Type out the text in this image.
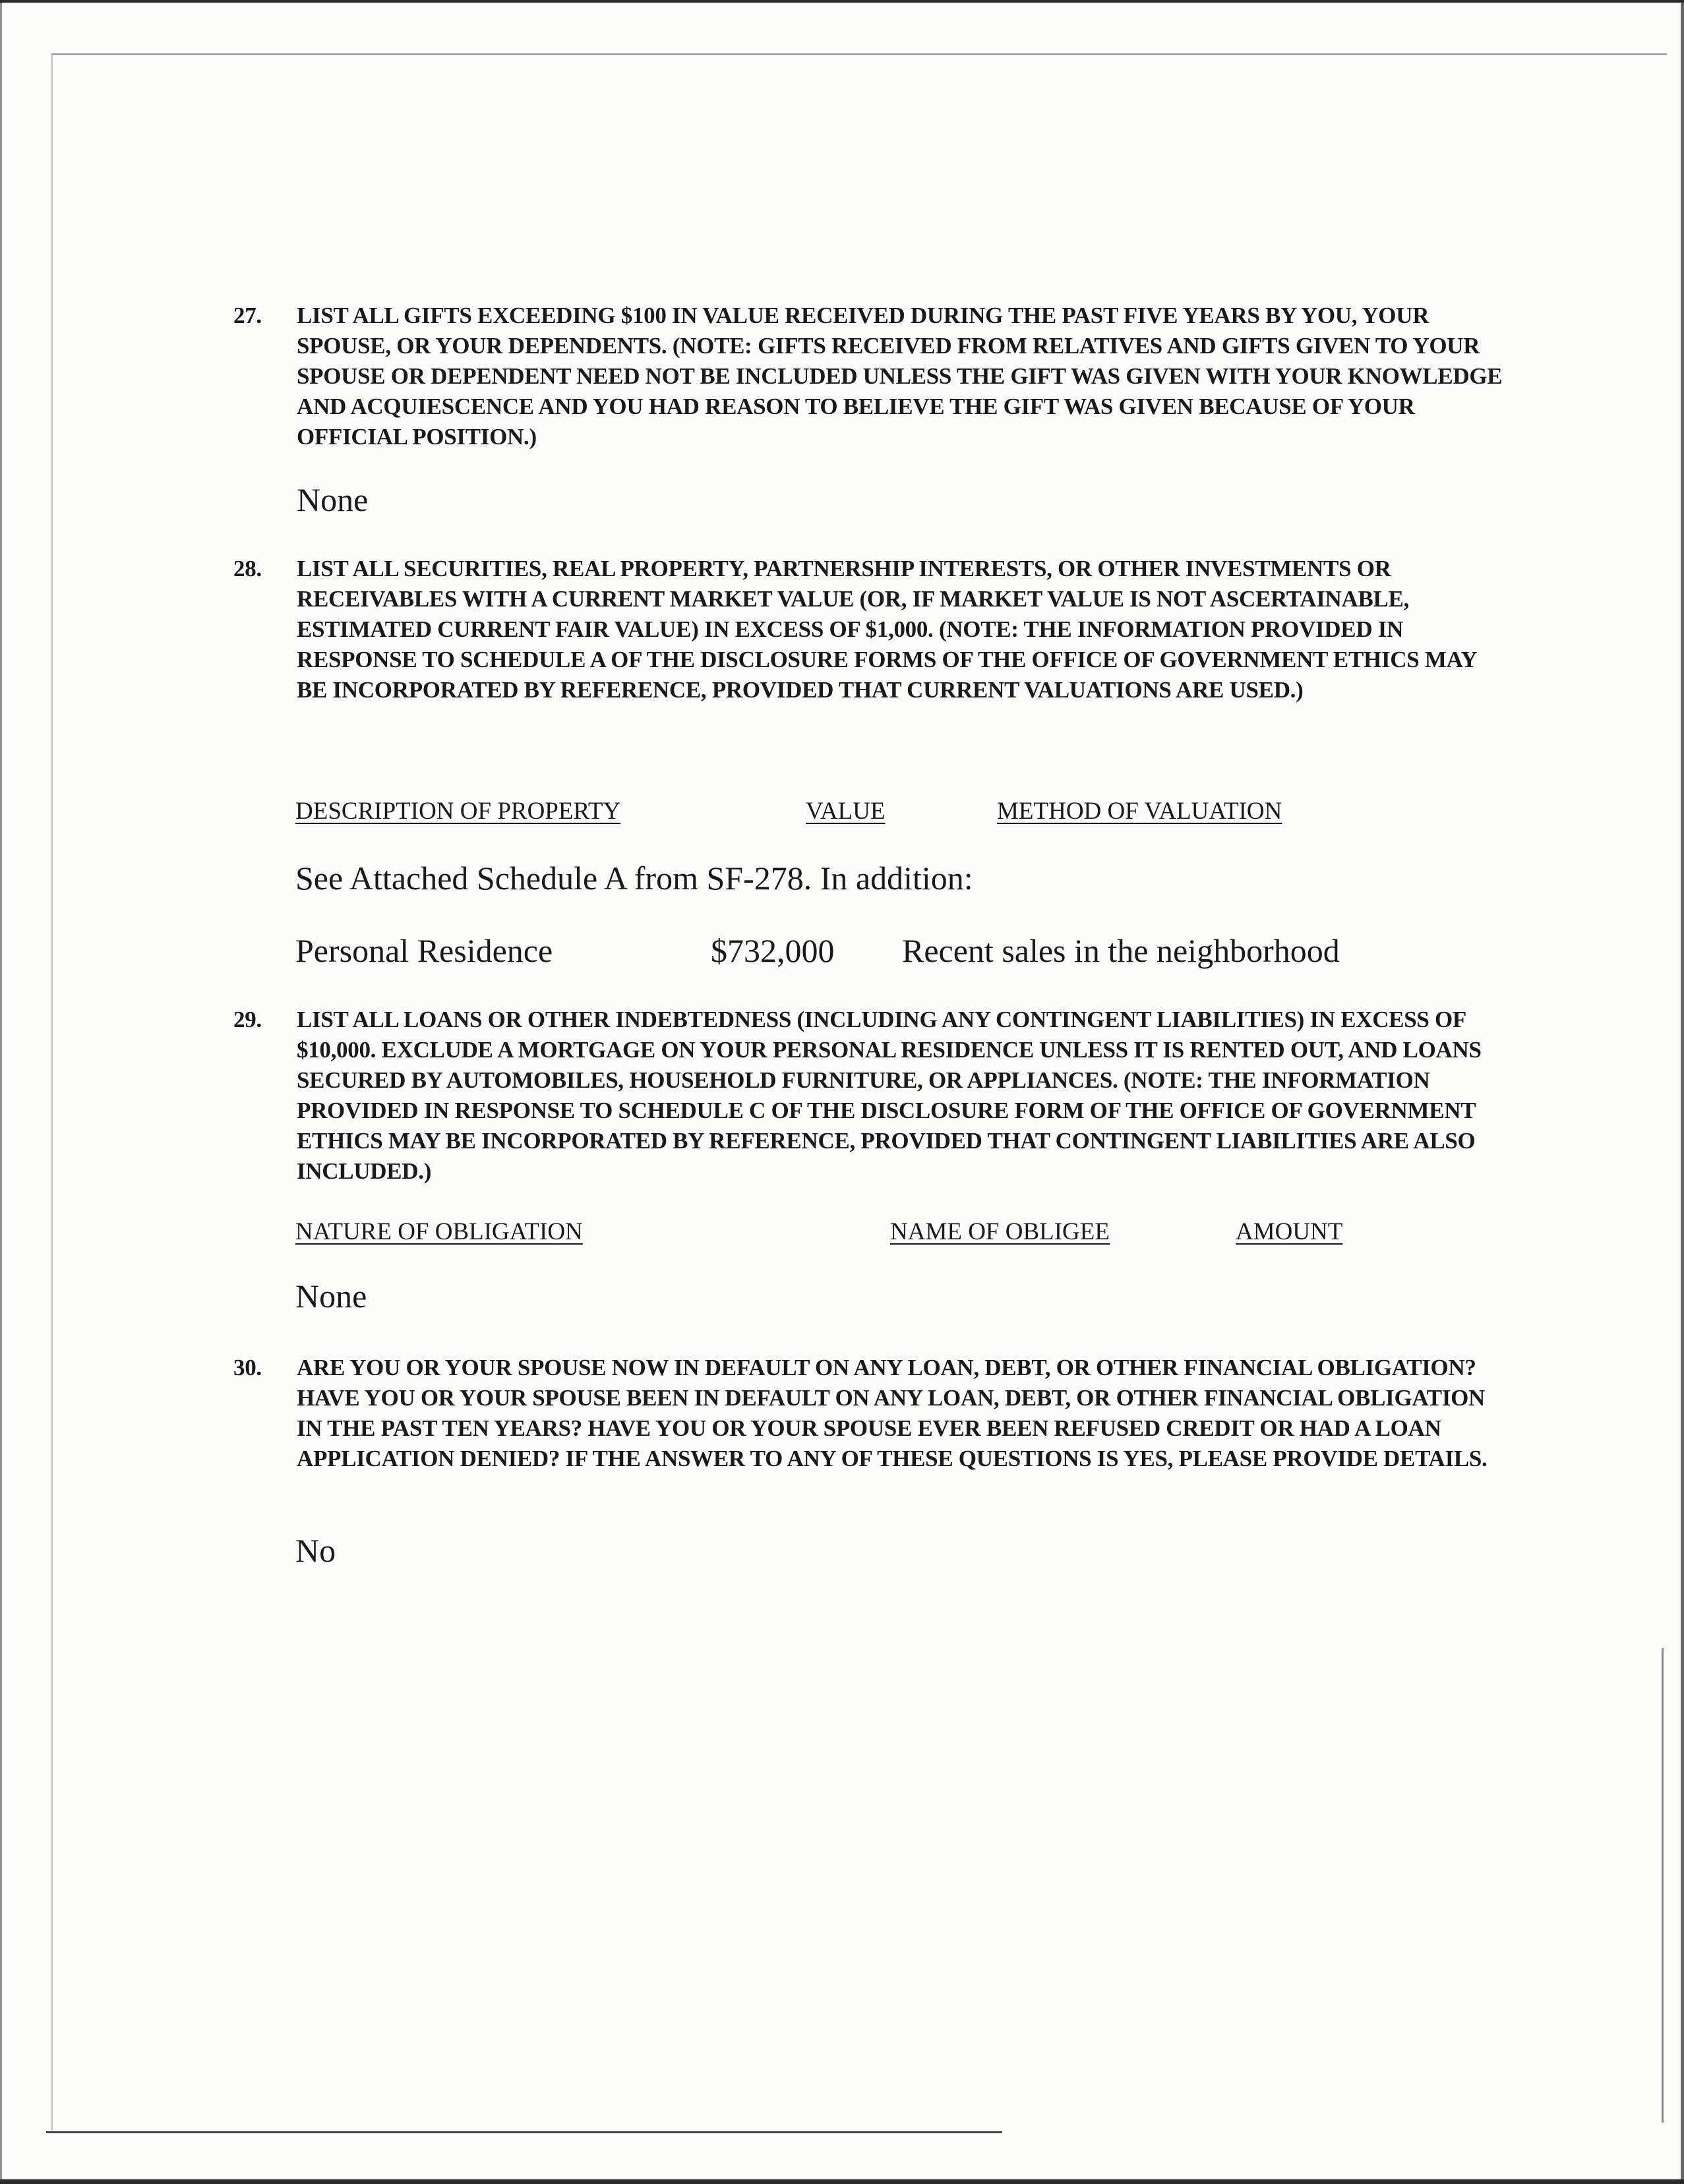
27. LIST ALL GIFTS EXCEEDING $100 IN VALUE RECEIVED DURING THE PAST FIVE YEARS BY YOU, YOUR SPOUSE, OR YOUR DEPENDENTS. (NOTE: GIFTS RECEIVED FROM RELATIVES AND GIFTS GIVEN TO YOUR SPOUSE OR DEPENDENT NEED NOT BE INCLUDED UNLESS THE GIFT WAS GIVEN WITH YOUR KNOWLEDGE AND ACQUIESCENCE AND YOU HAD REASON TO BELIEVE THE GIFT WAS GIVEN BECAUSE OF YOUR OFFICIAL POSITION.)
None
28. LIST ALL SECURITIES, REAL PROPERTY, PARTNERSHIP INTERESTS, OR OTHER INVESTMENTS OR RECEIVABLES WITH A CURRENT MARKET VALUE (OR, IF MARKET VALUE IS NOT ASCERTAINABLE, ESTIMATED CURRENT FAIR VALUE) IN EXCESS OF $1,000. (NOTE: THE INFORMATION PROVIDED IN RESPONSE TO SCHEDULE A OF THE DISCLOSURE FORMS OF THE OFFICE OF GOVERNMENT ETHICS MAY BE INCORPORATED BY REFERENCE, PROVIDED THAT CURRENT VALUATIONS ARE USED.)
DESCRIPTION OF PROPERTY	VALUE	METHOD OF VALUATION
See Attached Schedule A from SF-278. In addition:
Personal Residence	$732,000 Recent sales in the neighborhood
29. LIST ALL LOANS OR OTHER INDEBTEDNESS (INCLUDING ANY CONTINGENT LIABILITIES) IN EXCESS OF $10,000. EXCLUDE A MORTGAGE ON YOUR PERSONAL RESIDENCE UNLESS IT IS RENTED OUT, AND LOANS SECURED BY AUTOMOBILES, HOUSEHOLD FURNITURE, OR APPLIANCES. (NOTE: THE INFORMATION PROVIDED IN RESPONSE TO SCHEDULE C OF THE DISCLOSURE FORM OF THE OFFICE OF GOVERNMENT ETHICS MAY BE INCORPORATED BY REFERENCE, PROVIDED THAT CONTINGENT LIABILITIES ARE ALSO INCLUDED.)
NATURE OF OBLIGATION	NAME OF OBLIGEE	AMOUNT
None
30. ARE YOU OR YOUR SPOUSE NOW IN DEFAULT ON ANY LOAN, DEBT, OR OTHER FINANCIAL OBLIGATION? HAVE YOU OR YOUR SPOUSE BEEN IN DEFAULT ON ANY LOAN, DEBT, OR OTHER FINANCIAL OBLIGATION IN THE PAST TEN YEARS? HAVE YOU OR YOUR SPOUSE EVER BEEN REFUSED CREDIT OR HAD A LOAN APPLICATION DENIED? IF THE ANSWER TO ANY OF THESE QUESTIONS IS YES, PLEASE PROVIDE DETAILS.
No
